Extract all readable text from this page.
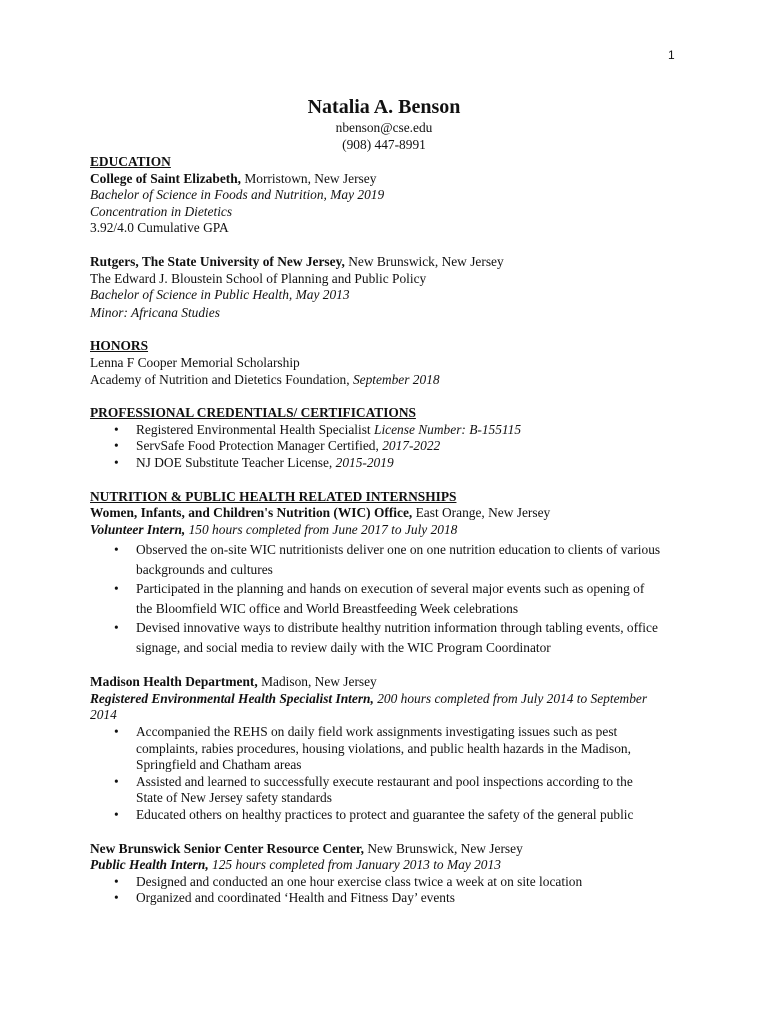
1
Natalia A. Benson
nbenson@cse.edu
(908) 447-8991
EDUCATION
College of Saint Elizabeth, Morristown, New Jersey
Bachelor of Science in Foods and Nutrition, May 2019
Concentration in Dietetics
3.92/4.0 Cumulative GPA
Rutgers, The State University of New Jersey, New Brunswick, New Jersey
The Edward J. Bloustein School of Planning and Public Policy
Bachelor of Science in Public Health, May 2013
Minor: Africana Studies
HONORS
Lenna F Cooper Memorial Scholarship
Academy of Nutrition and Dietetics Foundation, September 2018
PROFESSIONAL CREDENTIALS/ CERTIFICATIONS
• Registered Environmental Health Specialist License Number: B-155115
• ServSafe Food Protection Manager Certified, 2017-2022
• NJ DOE Substitute Teacher License, 2015-2019
NUTRITION & PUBLIC HEALTH RELATED INTERNSHIPS
Women, Infants, and Children's Nutrition (WIC) Office, East Orange, New Jersey
Volunteer Intern, 150 hours completed from June 2017 to July 2018
• Observed the on-site WIC nutritionists deliver one on one nutrition education to clients of various
backgrounds and cultures
• Participated in the planning and hands on execution of several major events such as opening of
the Bloomfield WIC office and World Breastfeeding Week celebrations
• Devised innovative ways to distribute healthy nutrition information through tabling events, office
signage, and social media to review daily with the WIC Program Coordinator
Madison Health Department, Madison, New Jersey
Registered Environmental Health Specialist Intern, 200 hours completed from July 2014 to September
2014
• Accompanied the REHS on daily field work assignments investigating issues such as pest
complaints, rabies procedures, housing violations, and public health hazards in the Madison,
Springfield and Chatham areas
• Assisted and learned to successfully execute restaurant and pool inspections according to the
State of New Jersey safety standards
• Educated others on healthy practices to protect and guarantee the safety of the general public
New Brunswick Senior Center Resource Center, New Brunswick, New Jersey
Public Health Intern, 125 hours completed from January 2013 to May 2013
• Designed and conducted an one hour exercise class twice a week at on site location
• Organized and coordinated ‘Health and Fitness Day’ events
